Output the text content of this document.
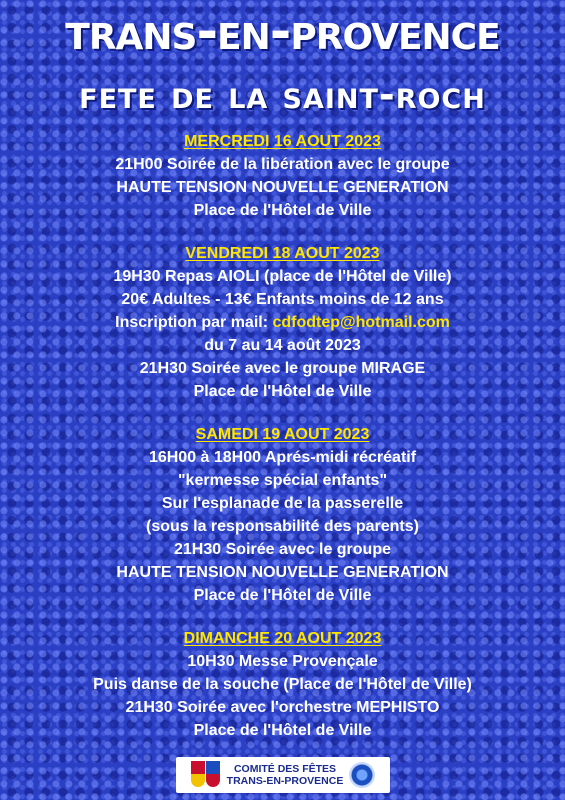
trans-en-provence
fete de la saint-roch
MERCREDI 16 AOUT 2023
21H00 Soirée de la libération avec le groupe
HAUTE TENSION NOUVELLE GENERATION
Place de l'Hôtel de Ville
VENDREDI 18 AOUT 2023
19H30 Repas AIOLI (place de l'Hôtel de Ville)
20€ Adultes - 13€ Enfants moins de 12 ans
Inscription par mail: cdfodtep@hotmail.com
du 7 au 14 août 2023
21H30 Soirée avec le groupe MIRAGE
Place de l'Hôtel de Ville
SAMEDI 19 AOUT 2023
16H00 à 18H00 Aprés-midi récréatif
"kermesse spécial enfants"
Sur l'esplanade de la passerelle
(sous la responsabilité des parents)
21H30 Soirée avec le groupe
HAUTE TENSION NOUVELLE GENERATION
Place de l'Hôtel de Ville
DIMANCHE 20 AOUT 2023
10H30 Messe Provençale
Puis danse de la souche (Place de l'Hôtel de Ville)
21H30 Soirée avec l'orchestre MEPHISTO
Place de l'Hôtel de Ville
COMITÉ DES FÊTES
TRANS-EN-PROVENCE
